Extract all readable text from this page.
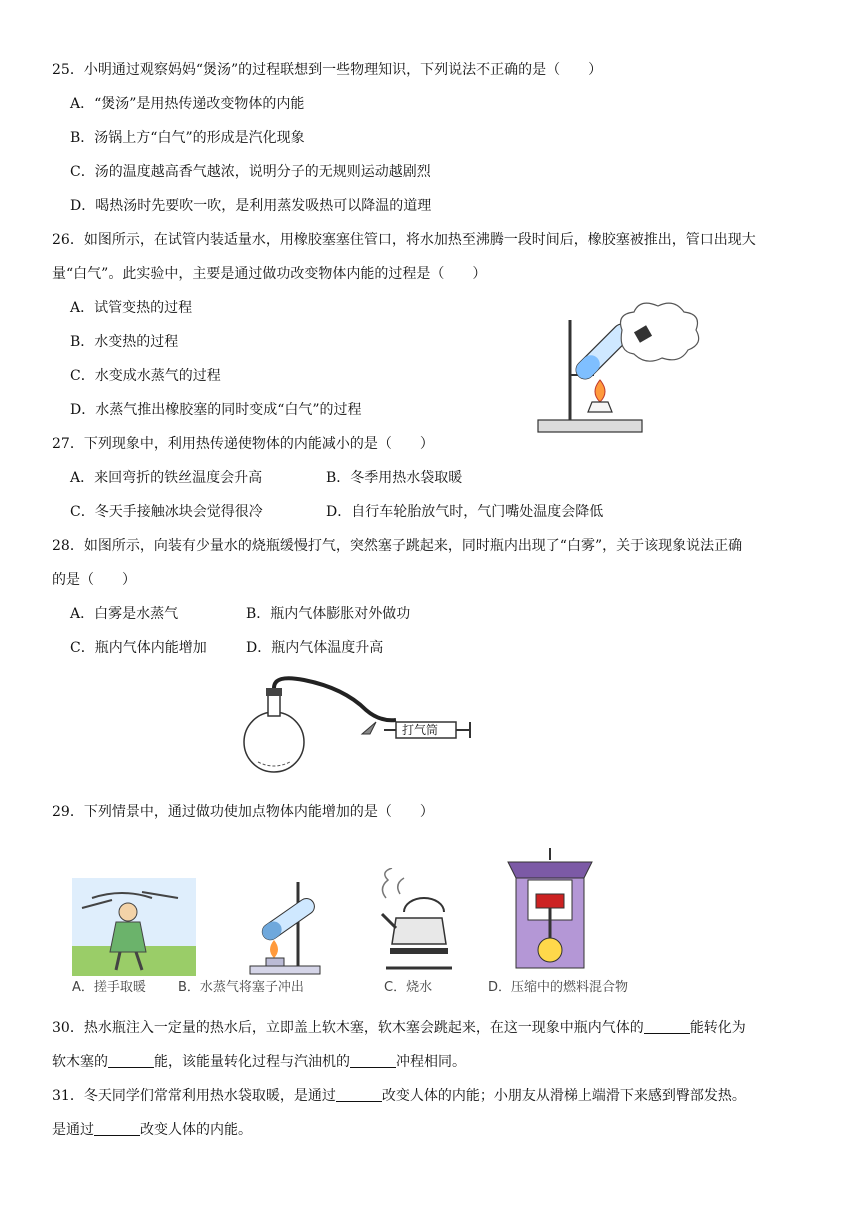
25．小明通过观察妈妈“煲汤”的过程联想到一些物理知识，下列说法不正确的是（　　）
A．“煲汤”是用热传递改变物体的内能
B．汤锅上方“白气”的形成是汽化现象
C．汤的温度越高香气越浓，说明分子的无规则运动越剧烈
D．喝热汤时先要吹一吹，是利用蒸发吸热可以降温的道理
26．如图所示，在试管内装适量水，用橡胶塞塞住管口，将水加热至沸腾一段时间后，橡胶塞被推出，管口出现大
量“白气”。此实验中，主要是通过做功改变物体内能的过程是（　　）
A．试管变热的过程
B．水变热的过程
C．水变成水蒸气的过程
D．水蒸气推出橡胶塞的同时变成“白气”的过程
27．下列现象中，利用热传递使物体的内能减小的是（　　）
A．来回弯折的铁丝温度会升高	B．冬季用热水袋取暖
C．冬天手接触冰块会觉得很冷	D．自行车轮胎放气时，气门嘴处温度会降低
28．如图所示，向装有少量水的烧瓶缓慢打气，突然塞子跳起来，同时瓶内出现了“白雾”，关于该现象说法正确
的是（　　）
A．白雾是水蒸气	B．瓶内气体膨胀对外做功
C．瓶内气体内能增加	D．瓶内气体温度升高
打气筒
29．下列情景中，通过做功使加点物体内能增加的是（　　）
A．搓手取暖 B．水蒸气将塞子冲出	C．烧水	D．压缩中的燃料混合物
30．热水瓶注入一定量的热水后，立即盖上软木塞，软木塞会跳起来，在这一现象中瓶内气体的	能转化为
软木塞的	能，该能量转化过程与汽油机的	冲程相同。
31．冬天同学们常常利用热水袋取暖，是通过	改变人体的内能；小朋友从滑梯上端滑下来感到臀部发热。
是通过	改变人体的内能。
